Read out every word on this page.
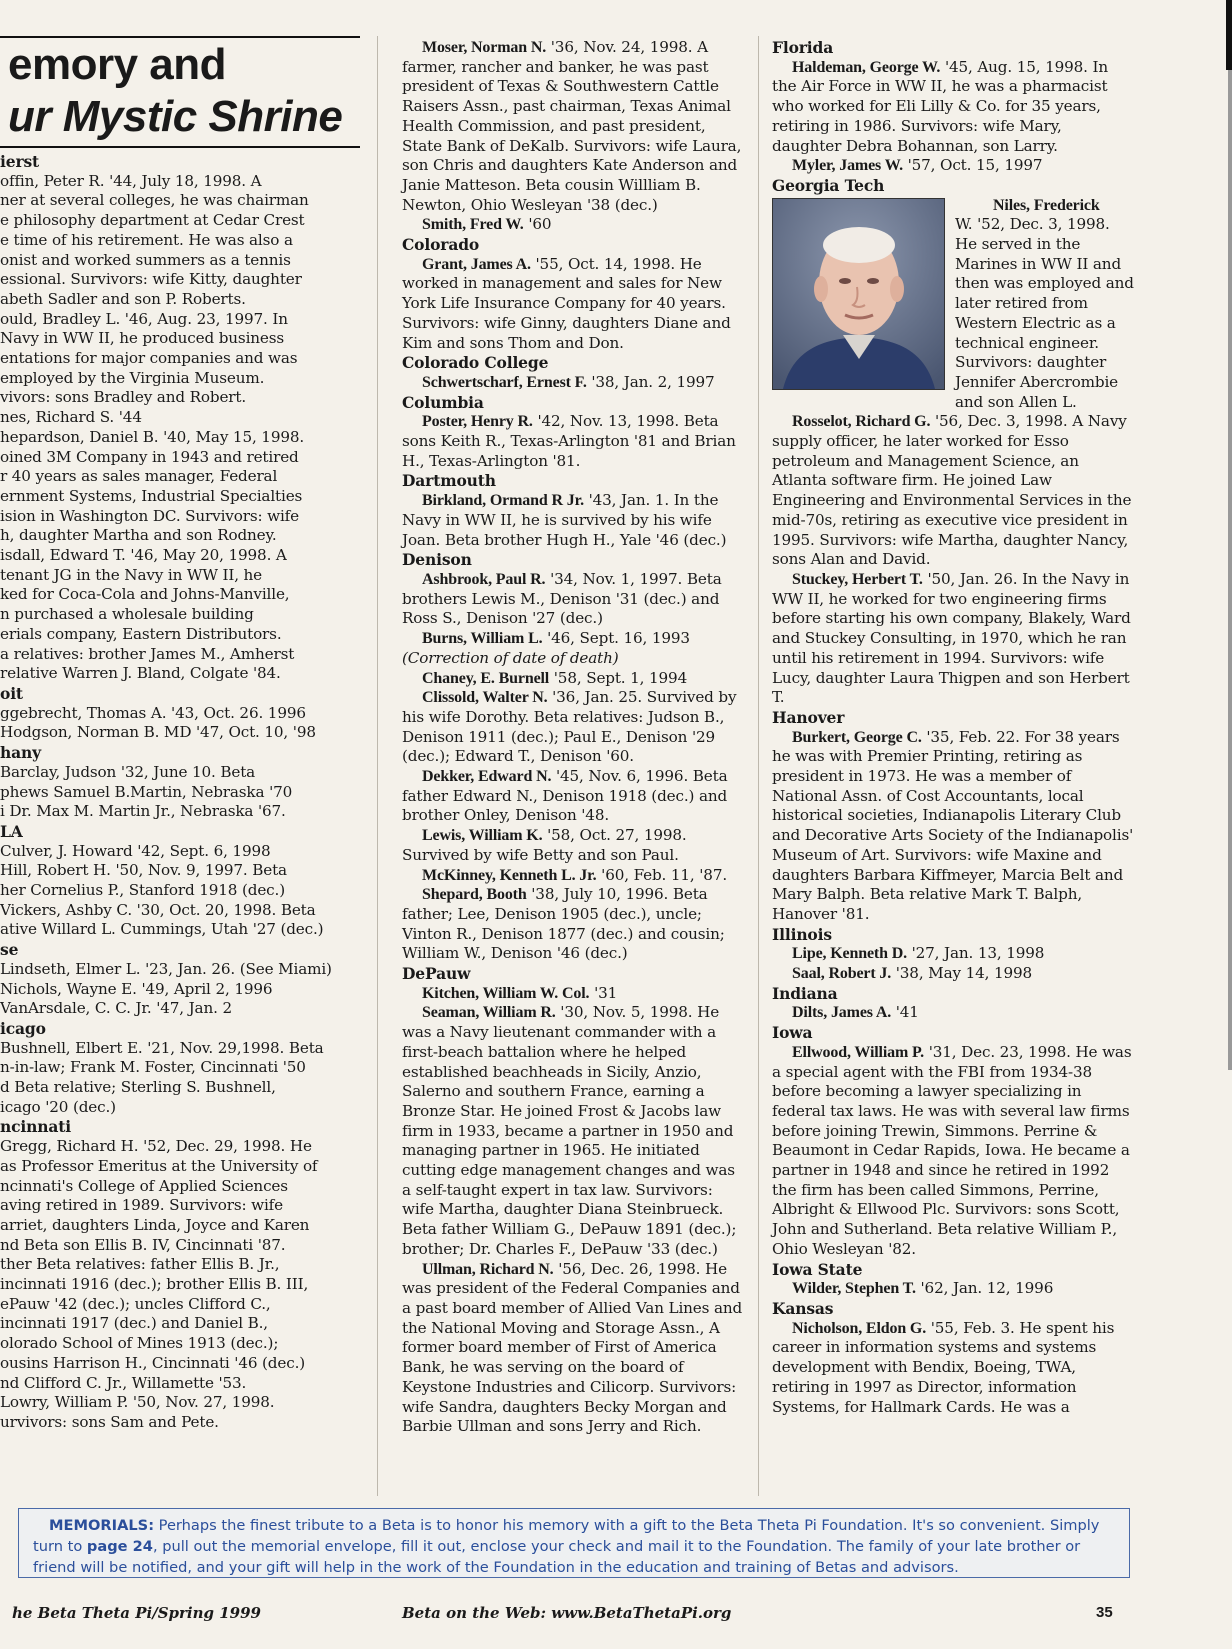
emory and
ur Mystic Shrine

ierst

offin, Peter R. '44, July 18, 1998. A

ner at several colleges, he was chairman

e philosophy department at Cedar Crest

e time of his retirement. He was also a

onist and worked summers as a tennis

essional. Survivors: wife Kitty, daughter

abeth Sadler and son P. Roberts.

ould, Bradley L. '46, Aug. 23, 1997. In

Navy in WW II, he produced business

entations for major companies and was

employed by the Virginia Museum.

vivors: sons Bradley and Robert.

nes, Richard S. '44

hepardson, Daniel B. '40, May 15, 1998.

oined 3M Company in 1943 and retired

r 40 years as sales manager, Federal

ernment Systems, Industrial Specialties

ision in Washington DC. Survivors: wife

h, daughter Martha and son Rodney.

isdall, Edward T. '46, May 20, 1998. A

tenant JG in the Navy in WW II, he

ked for Coca-Cola and Johns-Manville,

n purchased a wholesale building

erials company, Eastern Distributors.

a relatives: brother James M., Amherst

relative Warren J. Bland, Colgate '84.

oit

ggebrecht, Thomas A. '43, Oct. 26. 1996

Hodgson, Norman B. MD '47, Oct. 10, '98

hany

Barclay, Judson '32, June 10. Beta

phews Samuel B.Martin, Nebraska '70

i Dr. Max M. Martin Jr., Nebraska '67.

LA

Culver, J. Howard '42, Sept. 6, 1998

Hill, Robert H. '50, Nov. 9, 1997. Beta

her Cornelius P., Stanford 1918 (dec.)

Vickers, Ashby C. '30, Oct. 20, 1998. Beta

ative Willard L. Cummings, Utah '27 (dec.)

se

Lindseth, Elmer L. '23, Jan. 26. (See Miami)

Nichols, Wayne E. '49, April 2, 1996

VanArsdale, C. C. Jr. '47, Jan. 2

icago

Bushnell, Elbert E. '21, Nov. 29,1998. Beta

n-in-law; Frank M. Foster, Cincinnati '50

d Beta relative; Sterling S. Bushnell,

icago '20 (dec.)

ncinnati

Gregg, Richard H. '52, Dec. 29, 1998. He

as Professor Emeritus at the University of

ncinnati's College of Applied Sciences

aving retired in 1989. Survivors: wife

arriet, daughters Linda, Joyce and Karen

nd Beta son Ellis B. IV, Cincinnati '87.

ther Beta relatives: father Ellis B. Jr.,

incinnati 1916 (dec.); brother Ellis B. III,

ePauw '42 (dec.); uncles Clifford C.,

incinnati 1917 (dec.) and Daniel B.,

olorado School of Mines 1913 (dec.);

ousins Harrison H., Cincinnati '46 (dec.)

nd Clifford C. Jr., Willamette '53.

Lowry, William P. '50, Nov. 27, 1998.

urvivors: sons Sam and Pete.

Moser, Norman N. '36, Nov. 24, 1998. A farmer, rancher and banker, he was past president of Texas & Southwestern Cattle Raisers Assn., past chairman, Texas Animal Health Commission, and past president, State Bank of DeKalb. Survivors: wife Laura, son Chris and daughters Kate Anderson and Janie Matteson. Beta cousin Willliam B. Newton, Ohio Wesleyan '38 (dec.)

Smith, Fred W. '60

Colorado

Grant, James A. '55, Oct. 14, 1998. He worked in management and sales for New York Life Insurance Company for 40 years. Survivors: wife Ginny, daughters Diane and Kim and sons Thom and Don.

Colorado College

Schwertscharf, Ernest F. '38, Jan. 2, 1997

Columbia

Poster, Henry R. '42, Nov. 13, 1998. Beta sons Keith R., Texas-Arlington '81 and Brian H., Texas-Arlington '81.

Dartmouth

Birkland, Ormand R Jr. '43, Jan. 1. In the Navy in WW II, he is survived by his wife Joan. Beta brother Hugh H., Yale '46 (dec.)

Denison

Ashbrook, Paul R. '34, Nov. 1, 1997. Beta brothers Lewis M., Denison '31 (dec.) and Ross S., Denison '27 (dec.)

Burns, William L. '46, Sept. 16, 1993

(Correction of date of death)

Chaney, E. Burnell '58, Sept. 1, 1994

Clissold, Walter N. '36, Jan. 25. Survived by his wife Dorothy. Beta relatives: Judson B., Denison 1911 (dec.); Paul E., Denison '29 (dec.); Edward T., Denison '60.

Dekker, Edward N. '45, Nov. 6, 1996. Beta father Edward N., Denison 1918 (dec.) and brother Onley, Denison '48.

Lewis, William K. '58, Oct. 27, 1998. Survived by wife Betty and son Paul.

McKinney, Kenneth L. Jr. '60, Feb. 11, '87.

Shepard, Booth '38, July 10, 1996. Beta father; Lee, Denison 1905 (dec.), uncle; Vinton R., Denison 1877 (dec.) and cousin; William W., Denison '46 (dec.)

DePauw

Kitchen, William W. Col. '31

Seaman, William R. '30, Nov. 5, 1998. He was a Navy lieutenant commander with a first-beach battalion where he helped established beachheads in Sicily, Anzio, Salerno and southern France, earning a Bronze Star. He joined Frost & Jacobs law firm in 1933, became a partner in 1950 and managing partner in 1965. He initiated cutting edge management changes and was a self-taught expert in tax law. Survivors: wife Martha, daughter Diana Steinbrueck. Beta father William G., DePauw 1891 (dec.); brother; Dr. Charles F., DePauw '33 (dec.)

Ullman, Richard N. '56, Dec. 26, 1998. He was president of the Federal Companies and a past board member of Allied Van Lines and the National Moving and Storage Assn., A former board member of First of America Bank, he was serving on the board of Keystone Industries and Cilicorp. Survivors: wife Sandra, daughters Becky Morgan and Barbie Ullman and sons Jerry and Rich.

Florida

Haldeman, George W. '45, Aug. 15, 1998. In the Air Force in WW II, he was a pharmacist who worked for Eli Lilly & Co. for 35 years, retiring in 1986. Survivors: wife Mary, daughter Debra Bohannan, son Larry.

Myler, James W. '57, Oct. 15, 1997

Georgia Tech

Niles, Frederick
W. '52, Dec. 3, 1998. He served in the Marines in WW II and then was employed and later retired from Western Electric as a technical engineer. Survivors: daughter Jennifer Abercrombie and son Allen L.

Rosselot, Richard G. '56, Dec. 3, 1998. A Navy supply officer, he later worked for Esso petroleum and Management Science, an Atlanta software firm. He joined Law Engineering and Environmental Services in the mid-70s, retiring as executive vice president in 1995. Survivors: wife Martha, daughter Nancy, sons Alan and David.

Stuckey, Herbert T. '50, Jan. 26. In the Navy in WW II, he worked for two engineering firms before starting his own company, Blakely, Ward and Stuckey Consulting, in 1970, which he ran until his retirement in 1994. Survivors: wife Lucy, daughter Laura Thigpen and son Herbert T.

Hanover

Burkert, George C. '35, Feb. 22. For 38 years he was with Premier Printing, retiring as president in 1973. He was a member of National Assn. of Cost Accountants, local historical societies, Indianapolis Literary Club and Decorative Arts Society of the Indianapolis' Museum of Art. Survivors: wife Maxine and daughters Barbara Kiffmeyer, Marcia Belt and Mary Balph. Beta relative Mark T. Balph, Hanover '81.

Illinois

Lipe, Kenneth D. '27, Jan. 13, 1998

Saal, Robert J. '38, May 14, 1998

Indiana

Dilts, James A. '41

Iowa

Ellwood, William P. '31, Dec. 23, 1998. He was a special agent with the FBI from 1934-38 before becoming a lawyer specializing in federal tax laws. He was with several law firms before joining Trewin, Simmons. Perrine & Beaumont in Cedar Rapids, Iowa. He became a partner in 1948 and since he retired in 1992 the firm has been called Simmons, Perrine, Albright & Ellwood Plc. Survivors: sons Scott, John and Sutherland. Beta relative William P., Ohio Wesleyan '82.

Iowa State

Wilder, Stephen T. '62, Jan. 12, 1996

Kansas

Nicholson, Eldon G. '55, Feb. 3. He spent his career in information systems and systems development with Bendix, Boeing, TWA, retiring in 1997 as Director, information Systems, for Hallmark Cards. He was a

MEMORIALS: Perhaps the finest tribute to a Beta is to honor his memory with a gift to the Beta Theta Pi Foundation. It's so convenient. Simply turn to page 24, pull out the memorial envelope, fill it out, enclose your check and mail it to the Foundation. The family of your late brother or friend will be notified, and your gift will help in the work of the Foundation in the education and training of Betas and advisors.
he Beta Theta Pi/Spring 1999	Beta on the Web: www.BetaThetaPi.org	35
